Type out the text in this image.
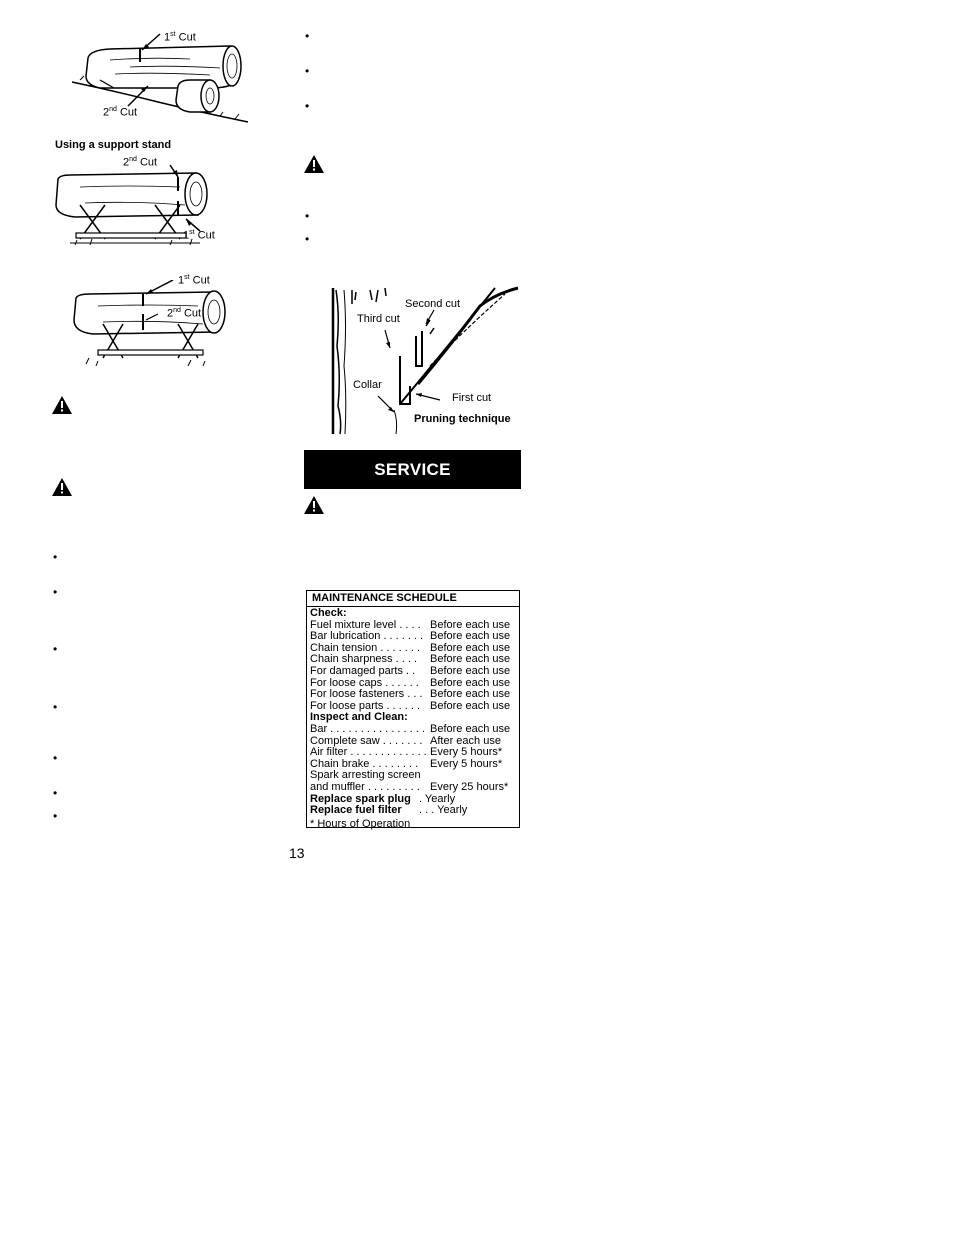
1st Cut
2nd Cut
Using a support stand
2nd Cut
1st Cut
1st Cut
2nd Cut
•
•
•
•
•
•
•
•
•
•
•
•
Second cut
Third cut
Collar
First cut
Pruning technique
SERVICE
MAINTENANCE SCHEDULE
Check:
Fuel mixture level . . . . Before each use
Bar lubrication . . . . . . . Before each use
Chain tension . . . . . . . Before each use
Chain sharpness . . . . Before each use
For damaged parts . . Before each use
For loose caps . . . . . . Before each use
For loose fasteners . . . Before each use
For loose parts . . . . . . Before each use
Inspect and Clean:
Bar . . . . . . . . . . . . . . . . Before each use
Complete saw . . . . . . . After each use
Air filter . . . . . . . . . . . . . Every 5 hours*
Chain brake . . . . . . . . Every 5 hours*
Spark arresting screen
and muffler . . . . . . . . . Every 25 hours*
Replace spark plug . Yearly
Replace fuel filter . . . Yearly
* Hours of Operation
13
